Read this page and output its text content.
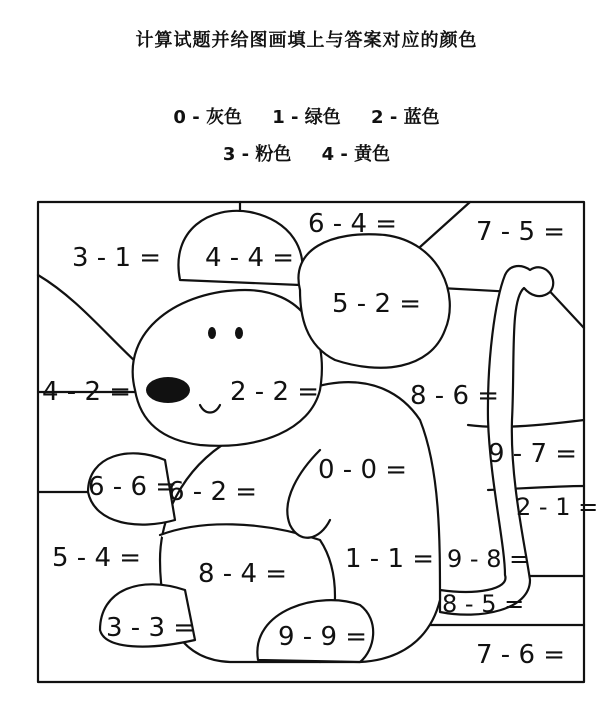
计算试题并给图画填上与答案对应的颜色
0 - 灰色 1 - 绿色 2 - 蓝色
3 - 粉色 4 - 黄色
3 - 1 = 4 - 4 =
6 - 4 =	7 - 5 =
5 - 2 =
4 - 2 =	2 - 2 =	8 - 6 =
9 - 7 =
0 - 0 =
6 - 6 =
6 - 2 =	2 - 1 =
5 - 4 =
8 - 4 = 1 - 1 = 9 - 8 =
8 - 5 =
3 - 3 =	9 - 9 =
7 - 6 =
